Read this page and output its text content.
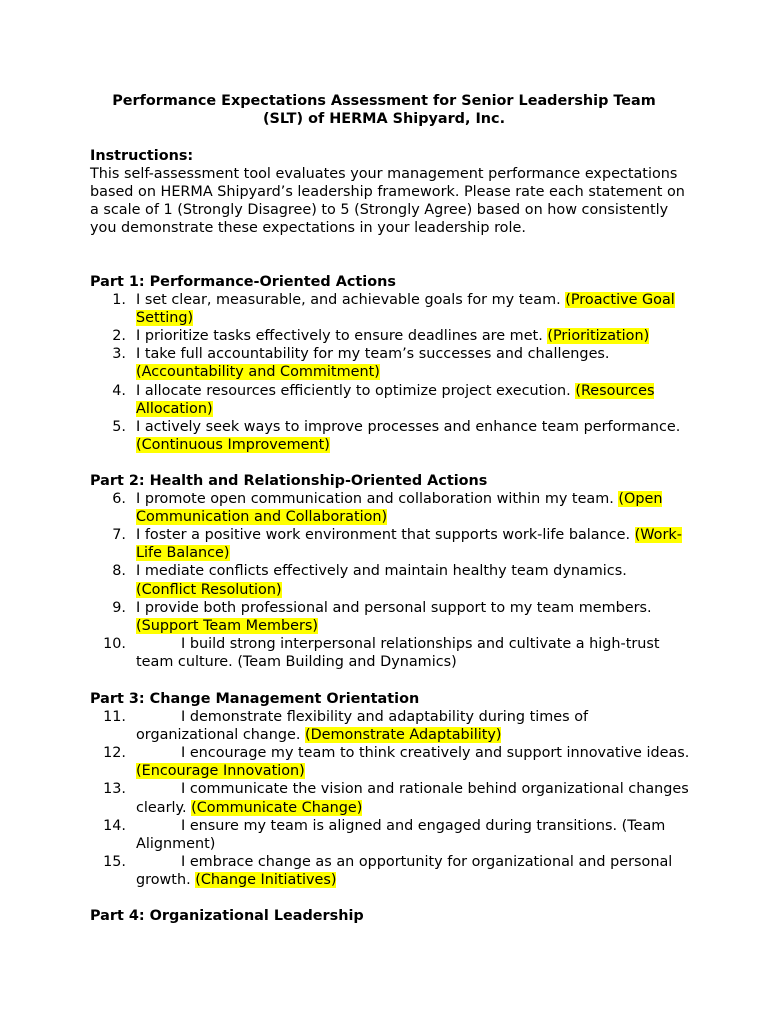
Performance Expectations Assessment for Senior Leadership Team
(SLT) of HERMA Shipyard, Inc.
Instructions:

This self-assessment tool evaluates your management performance expectations based on HERMA Shipyard’s leadership framework. Please rate each statement on a scale of 1 (Strongly Disagree) to 5 (Strongly Agree) based on how consistently you demonstrate these expectations in your leadership role.

Part 1: Performance-Oriented Actions
1. I set clear, measurable, and achievable goals for my team. (Proactive Goal Setting)
2. I prioritize tasks effectively to ensure deadlines are met. (Prioritization)
3. I take full accountability for my team’s successes and challenges. (Accountability and Commitment)
4. I allocate resources efficiently to optimize project execution. (Resources Allocation)
5. I actively seek ways to improve processes and enhance team performance. (Continuous Improvement)
Part 2: Health and Relationship-Oriented Actions
6. I promote open communication and collaboration within my team. (Open Communication and Collaboration)
7. I foster a positive work environment that supports work-life balance. (Work-Life Balance)
8. I mediate conflicts effectively and maintain healthy team dynamics. (Conflict Resolution)
9. I provide both professional and personal support to my team members. (Support Team Members)
10.	I build strong interpersonal relationships and cultivate a high-trust team culture. (Team Building and Dynamics)
Part 3: Change Management Orientation
11.	I demonstrate flexibility and adaptability during times of organizational change. (Demonstrate Adaptability)
12.	I encourage my team to think creatively and support innovative ideas. (Encourage Innovation)
13.	I communicate the vision and rationale behind organizational changes clearly. (Communicate Change)
14.	I ensure my team is aligned and engaged during transitions. (Team Alignment)
15.	I embrace change as an opportunity for organizational and personal growth. (Change Initiatives)
Part 4: Organizational Leadership
